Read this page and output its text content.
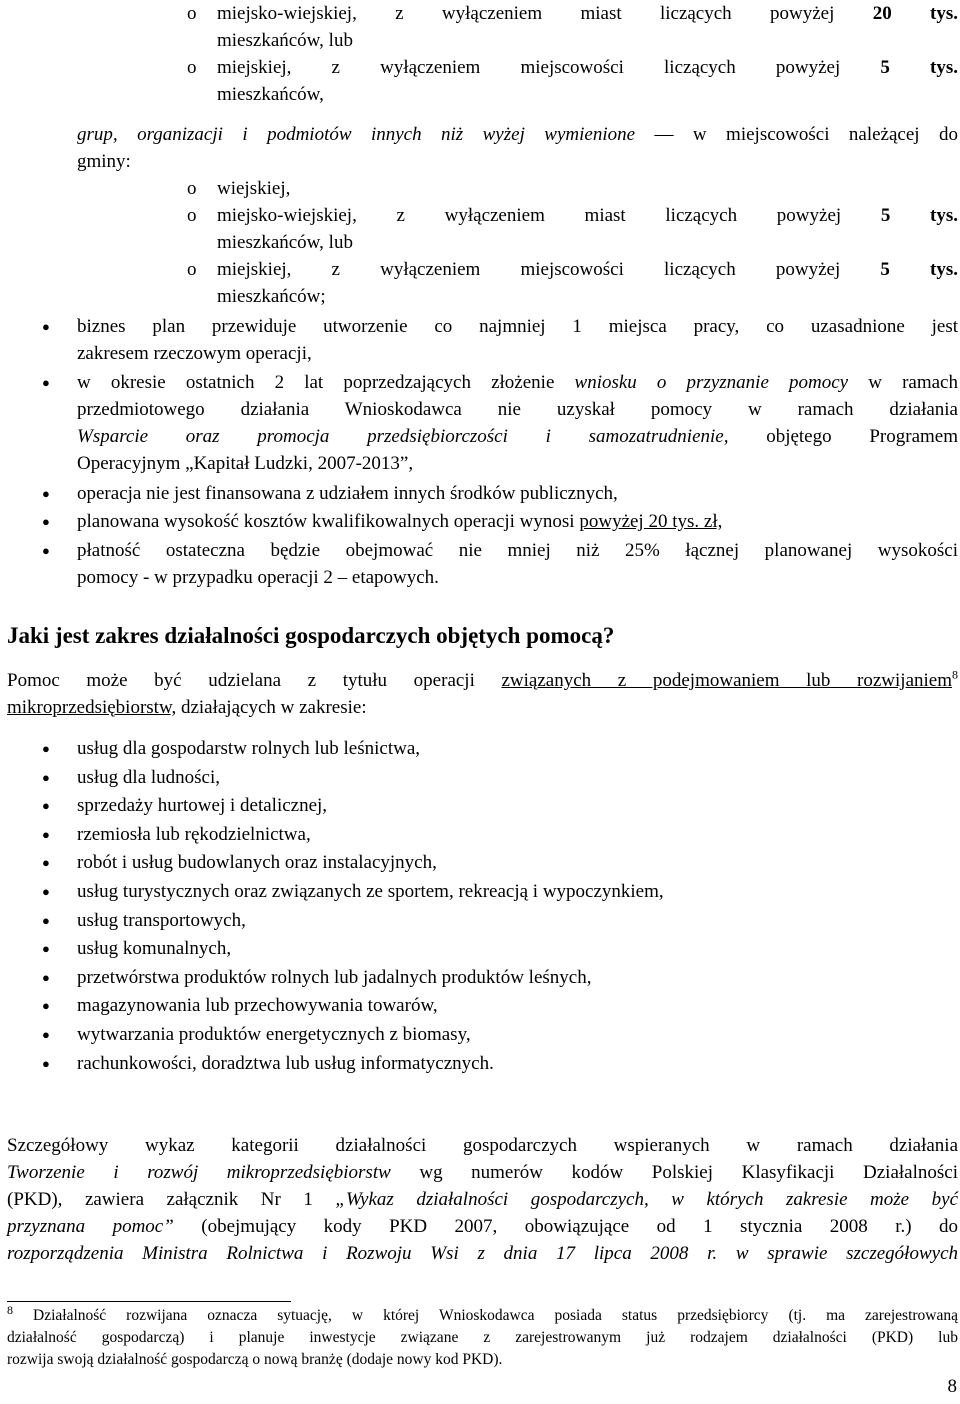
o miejsko-wiejskiej, z wyłączeniem miast liczących powyżej 20 tys.
mieszkańców, lub
o miejskiej, z wyłączeniem miejscowości liczących powyżej 5 tys.
mieszkańców,
grup, organizacji i podmiotów innych niż wyżej wymienione — w miejscowości należącej do
gminy:
o wiejskiej,
o miejsko-wiejskiej, z wyłączeniem miast liczących powyżej 5 tys.
mieszkańców, lub
o miejskiej, z wyłączeniem miejscowości liczących powyżej 5 tys.
mieszkańców;
● biznes plan przewiduje utworzenie co najmniej 1 miejsca pracy, co uzasadnione jest
zakresem rzeczowym operacji,
● w okresie ostatnich 2 lat poprzedzających złożenie wniosku o przyznanie pomocy w ramach
przedmiotowego działania Wnioskodawca nie uzyskał pomocy w ramach działania
Wsparcie oraz promocja przedsiębiorczości i samozatrudnienie, objętego Programem
Operacyjnym „Kapitał Ludzki, 2007-2013”,
● operacja nie jest finansowana z udziałem innych środków publicznych,
● planowana wysokość kosztów kwalifikowalnych operacji wynosi powyżej 20 tys. zł,
● płatność ostateczna będzie obejmować nie mniej niż 25% łącznej planowanej wysokości
pomocy - w przypadku operacji 2 – etapowych.
Jaki jest zakres działalności gospodarczych objętych pomocą?
Pomoc może być udzielana z tytułu operacji związanych z podejmowaniem lub rozwijaniem$^8$
mikroprzedsiębiorstw, działających w zakresie:
● usług dla gospodarstw rolnych lub leśnictwa,
● usług dla ludności,
● sprzedaży hurtowej i detalicznej,
● rzemiosła lub rękodzielnictwa,
● robót i usług budowlanych oraz instalacyjnych,
● usług turystycznych oraz związanych ze sportem, rekreacją i wypoczynkiem,
● usług transportowych,
● usług komunalnych,
● przetwórstwa produktów rolnych lub jadalnych produktów leśnych,
● magazynowania lub przechowywania towarów,
● wytwarzania produktów energetycznych z biomasy,
● rachunkowości, doradztwa lub usług informatycznych.
Szczegółowy wykaz kategorii działalności gospodarczych wspieranych w ramach działania
Tworzenie i rozwój mikroprzedsiębiorstw wg numerów kodów Polskiej Klasyfikacji Działalności
(PKD), zawiera załącznik Nr 1 „Wykaz działalności gospodarczych, w których zakresie może być
przyznana pomoc” (obejmujący kody PKD 2007, obowiązujące od 1 stycznia 2008 r.) do
rozporządzenia Ministra Rolnictwa i Rozwoju Wsi z dnia 17 lipca 2008 r. w sprawie szczegółowych
$^8$ Działalność rozwijana oznacza sytuację, w której Wnioskodawca posiada status przedsiębiorcy (tj. ma zarejestrowaną
działalność gospodarczą) i planuje inwestycje związane z zarejestrowanym już rodzajem działalności (PKD) lub
rozwija swoją działalność gospodarczą o nową branżę (dodaje nowy kod PKD).
8
